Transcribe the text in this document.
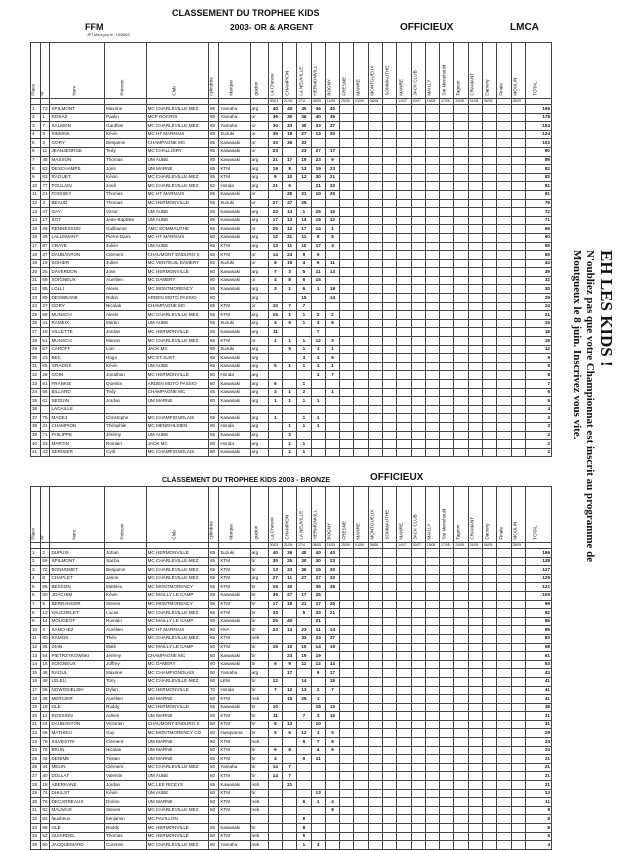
CLASSEMENT DU TROPHEE KIDS
FFM	2003- OR & ARGENT
JPT Mis à jour le : 19/06/03
OFFICIEUX	LMCA
Place	N°	Nom	Prénom	Club	cylindrée	Marque	guidon	La Chesne	CHAMPION	LA NEUVILLE	HERMONVILL	BOGNY	FRESNE	MANRE	MONTGUEUX	SOMMAUTHE	MANRE	JACK CLUB	MAILLY	Ste Menehould	Tagnon	CRAMANT	Damery	Finale	MOULIN	TOTAL

								30/03	21/04	27/4	08/05	11/05	25/05	01/06	08/06		14/07	20/07	15/08	17/08	24/08	31/08	06/09		28/09	
1	73	SPILMONT	Maxime	MC CHARLEVILLE-MEZ	85	Yamaha	arg	40	40	40	36	40														196
2	1	ROSAZ	Paulin	MCP ROCROI	85	Yamaha	or	36	30	36	40	36														178
3	7	SALMON	Gauthier	MC CHARLEVILLE-MEZ	85	Yamaha	or	30	33	30	33	27														153
4	9	SIMONS	Kévin	MC HT MARNAIS	85	Suzuki	or	35	19	27	13	30														124
5	3	GORY	Benjamin	CHAMPAGNE MC	85	Kawasaki	or	33	36	33																102
6	11	JEANJEORGE	Tedy	MC CHALLOIRY	65	Kawasaki	or	23		23	27	17														90
7	48	MASSON	Thomas	UM AUBE	65	Kawasaki	arg	21	17	19	23	9														89
8	53	DESCHAMPS	Joris	UM MARNE	85	KTM	arg	19	8	13	19	23														82
9	83	RAGUET	Kévin	MC CHARLEVILLE-MEZ	65	KTM	arg	9	10	12	30	21														82
10	77	POULAIN	Jordi	MC CHARLEVILLE-MEZ	82	Honda	arg	21	6		21	33														81
11	21	FOISSEY	Thomas	MC HT MARNAIS	85	Kawasaki	or		25	21	10	25														81
12	3	BEAUD	Thomas	MC HERMONVILLE	85	Suzuki	or	27	27	25																79
13	47	GAY	Victor	UM AUBE	65	Kawasaki	arg	22	14	1	25	10														72
14	17	SOT	Jean-Baptiste	UM AUBE	85	Kawasaki	arg	17	13	14	15	12														71
15	36	RENNESSON	Guillaume	AMC SOMMAUTHE	65	Kawasaki	or	25	12	17	14	1														69
16	49	LALLEMANT	Pierre-Dami	MC HT MARNAIS	80	Kawasaki	arg	12	21	11	8	8														60
17	87	CRAYE	Julien	UM AUBE	65	KTM	arg	13	11	10	17	4														55
18	37	DAUBANTON	Clément	CHAUMONT ENDURO S	66	KTM	or	14	23	9	9															55
19	19	SOHIER	Julien	MC VENTEUIL DAMERY	82	Suzuki	or	8	15	4	6	11														44
20	25	DAVERDON	Joss	MC HERMONVILLE	80	Kawasaki	arg	7	3	5	11	13														39
21	59	SOIGNEUX	Aurélien	MC DAMERY	80	Kawasaki	or	4	8	6	15															32
22	85	LOLLI	Alexis	MC MONTMORENCY	65	Kawasaki	arg	3	1	6	1	19														30
23	89	DESWEANE	Robin	ARDEN MOTO PASSIO	80		arg			15		14														29
24	27	GORY	Nicolas	CHAMPAGNE MC	85	KTM	or	10	7	7																24
25	69	MUNSCH	Alexis	MC CHARLEVILLE-MEZ	65	KTM	arg	15	1	1	2	2														21
26	41	RAMEIX	Martin	UM AUBE	85	Suzuki	arg	4	5	1	3	6														19
27	18	VILLETTE	Jordan	MC HERMONVILLE	65	Kawasaki	arg	11			7															18
28	51	MUNSCH	Manon	MC CHARLEVILLE-MEZ	65	KTM	or	1	1	1	12	3														18
29	57	CAROFF	Loïc	JACK MC	85	Suzuki	arg		9	1	1	1														12
30	23	BEC	Hugo	MC ST JUST	65	Kawasaki	arg			3	1	5														9
31	65	GRADOS	Kévin	UM AUBE	65	Kawasaki	arg	5	1	1	1	1														9
32	28	GOIN	Jonathan	MC HERMONVILLE	80	Honda	arg				1	7														8
33	81	FRANKIE	Quentin	ARDEN MOTO PASSIO	80	Kawasaki	arg	6		1																7
34	56	BILLARD	Tedy	CHAMPAGNE MC	65	Kawasaki	arg	2	1	2		1														6
35	61	SEGUIN	Jordan	UM MARNE	80	Kawasaki	arg	1	1	1	1															5
36		LACAILLE																								4
37	75	MADEJ	Christophe	MC CHAMPIGNOLAIS	65	Kawasaki	arg	1		1	1															3
38	31	CHAMPION	Théophile	MC MENEHILDIEN	80	Honda	arg		1	1	1															3
39	71	PHILIPPE	Jérémy	UM AUBE	65	Kawasaki	arg		2																	2
40	33	MARTIN	Romain	JACK MC	80	Honda	arg		1	1																2
41	43	SERISIER	Cyril	MC CHAMPIGNOLAIS	80	Kawasaki	arg		1	1																2
CLASSEMENT DU TROPHEE KIDS 2003 - BRONZE	OFFICIEUX
Place	N°	Nom	Prénom	Club	cylindrée	Marque	guidon	La Chesne	CHAMPION	LA NEUVILLE	HERMONVILL	BOGNY	FRESNE	MANRE	MONTGUEUX	SOMMAUTHE	MANRE	JACK CLUB	MAILLY	Ste Menehould	Tagnon	CRAMANT	Damery	Finale	MOULIN	TOTAL

								30/03	21/04	27/4	08/05	11/05	25/05	01/06	08/06		14/07	20/07	15/08	17/08	24/08	31/08	06/09		28/09	
1	2	DUPUIS	Johan	MC HERMONVILLE	65	Suzuki	arg	40	36	40	40	40														196
2	59	SPILMONT	Sacha	MC CHARLEVILLE-MEZ	65	KTM	br	30	25	30	30	23														138
3	72	BONNOMET	Benjamin	MC CHARLEVILLE-MEZ	65	KTM	br	13	33	36	15	30														127
4	8	CHAPLET	Jason	MC CHARLEVILLE-MEZ	65	KTM	arg	27	11	27	27	33														125
5	85	BESSON	Mathieu	MC MONTMORENCY	65	KTM	br	19	30		36	36														121
6	60	JOACHIM	Kévin	MC MAILLY LE CAMP	65	Kawasaki	br	36	27	17	25															105
7	5	BERRANGER	Steven	MC MONTMORENCY	65	KTM	br	17	19	21	17	25														99
8	12	VAUCHELET	Lucas	MC CHARLEVILLE-MEZ	65	KTM	br	33		5	33	21														92
9	14	MOUGEOT	Romain	MC MAILLY LE CAMP	65	Kawasaki	br	25	40		21															86
10	4	SANCHEZ	Aurélien	MC HT MARNAIS	50	HVA	br	23	14	23	11	14														85
11	80	RAMOS	Théo	MC CHARLEVILLE-MEZ	65	KTM	neb			33	23	27														83
12	36	DIAB	Malé	MC MAILLY LE CAMP	50	KTM	br	15	10	10	14	19														68
13	54	PIETRZYKOWSKI	Jérémy	CHAMPAGNE MC	60	Kawasaki	br		23	19	19															61
14	16	SOIGNEUX	Joffrey	MC DAMERY	60	Kawasaki	br	9	9	11	12	12														53
15	46	RAOUL	Maxime	MC CHAMPIGNOLAIS	50	Yamaha	arg		17		9	17														43
16	48	LELEU	Tony	MC CHARLEVILLE-MEZ	50	LEM	br	12		14		15														41
17	66	NOWOSIELSKI	Dylan	MC HERMONVILLE	70	Honda	br	7	12	13	2	7														41
18	38	MERCIER	Aurélien	UM MARNE	50	KTM	neb		15	25	1															41
19	18	GLE	Ruddy	MC HERMONVILLE	65	Kawasaki	br	10			15	13														38
20	12	ROSSION	Adrien	UM MARNE	50	KTM	br	11		7	3	10														31
21	24	DAUBANTON	Victorien	CHAUMONT ENDURO S	50	KTM	br	8	13		10															31
22	66	MATHIEU	Guy	MC MONTMORENCY CO	50	Husqvarna	br	5	6	12	1	5														29
23	78	SILVESTRI	Clément	UM MARNE	50	KTM	neb			9	7	8														24
24	75	BRUN	Nicolas	UM MARNE	50	KTM	br	6	8		4	6														24
25	46	DENIME	Tristan	UM MARNE	65	KTM	br	4		6	11															21
26	44	MELIN	Clément	MC CHARLEVILLE-MEZ	50	Yamaha	br	14	7																	21
27	40	DOLLAT	Valentin	UM AUBE	50	KTM	br	14	7																	21
28	18	ABERKANE	Jordan	MC LES RICEYS	65	Kawasaki	neb		21																	21
29	74	DHULST	Kévin	UM AUBE	60	KTM	br				13															13
30	76	DECARREAUX	Dorine	UM MARNE	50	KTM	neb			6	1	4														11
31	82	MAUVAIS	Steven	MC CHARLEVILLE-MEZ	50	KTM	neb					9														9
32	82	fauxheux	benjamin	MC PAVILLON						8																8
33	88	GLE	Ruddy	MC HERMONVILLE	65	Kawasaki	br			8																8
34	52	GUIARDEL	Thomas	MC HERMONVILLE	50	KTM	neb			5																5
35	60	JACQUEMARD	Corentin	MC CHARLEVILLE-MEZ	80	Yamaha	neb			1	3															4
EH LES KIDS !
N'oubliez pas que votre Championnat est inscrit au programme de
Montgueux le 8 juin. Inscrivez vous vite.
